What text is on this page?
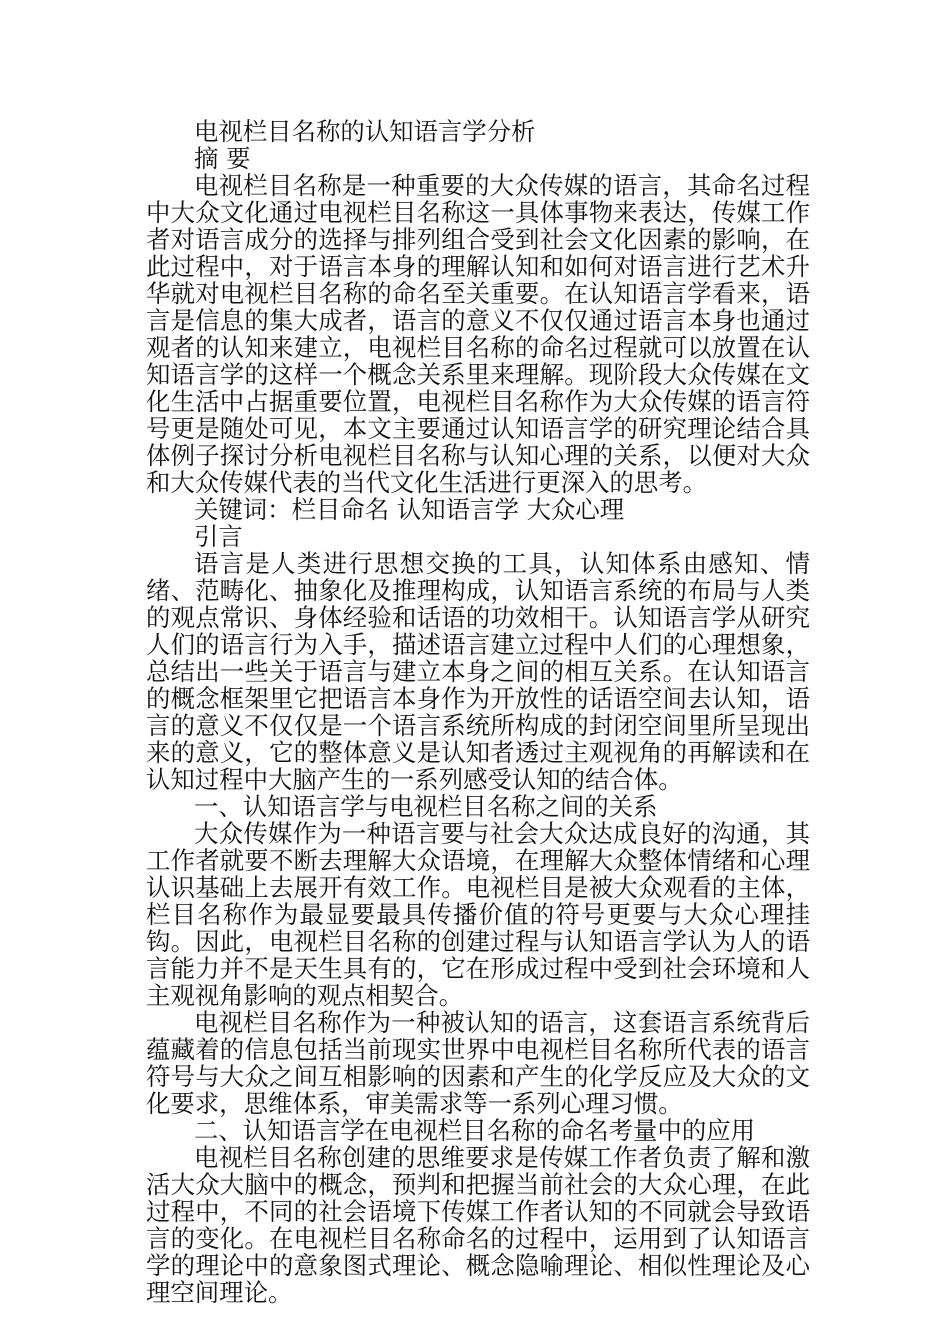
电视栏目名称的认知语言学分析

摘 要

电视栏目名称是一种重要的大众传媒的语言，其命名过程中大众文化通过电视栏目名称这一具体事物来表达，传媒工作者对语言成分的选择与排列组合受到社会文化因素的影响，在此过程中，对于语言本身的理解认知和如何对语言进行艺术升华就对电视栏目名称的命名至关重要。在认知语言学看来，语言是信息的集大成者，语言的意义不仅仅通过语言本身也通过观者的认知来建立，电视栏目名称的命名过程就可以放置在认知语言学的这样一个概念关系里来理解。现阶段大众传媒在文化生活中占据重要位置，电视栏目名称作为大众传媒的语言符号更是随处可见，本文主要通过认知语言学的研究理论结合具体例子探讨分析电视栏目名称与认知心理的关系，以便对大众和大众传媒代表的当代文化生活进行更深入的思考。

关键词：栏目命名 认知语言学 大众心理

引言

语言是人类进行思想交换的工具，认知体系由感知、情绪、范畴化、抽象化及推理构成，认知语言系统的布局与人类的观点常识、身体经验和话语的功效相干。认知语言学从研究人们的语言行为入手，描述语言建立过程中人们的心理想象，总结出一些关于语言与建立本身之间的相互关系。在认知语言的概念框架里它把语言本身作为开放性的话语空间去认知，语言的意义不仅仅是一个语言系统所构成的封闭空间里所呈现出来的意义，它的整体意义是认知者透过主观视角的再解读和在认知过程中大脑产生的一系列感受认知的结合体。

一、认知语言学与电视栏目名称之间的关系

大众传媒作为一种语言要与社会大众达成良好的沟通，其工作者就要不断去理解大众语境，在理解大众整体情绪和心理认识基础上去展开有效工作。电视栏目是被大众观看的主体，栏目名称作为最显要最具传播价值的符号更要与大众心理挂钩。因此，电视栏目名称的创建过程与认知语言学认为人的语言能力并不是天生具有的，它在形成过程中受到社会环境和人主观视角影响的观点相契合。

电视栏目名称作为一种被认知的语言，这套语言系统背后蕴藏着的信息包括当前现实世界中电视栏目名称所代表的语言符号与大众之间互相影响的因素和产生的化学反应及大众的文化要求，思维体系，审美需求等一系列心理习惯。

二、认知语言学在电视栏目名称的命名考量中的应用

电视栏目名称创建的思维要求是传媒工作者负责了解和激活大众大脑中的概念，预判和把握当前社会的大众心理，在此过程中，不同的社会语境下传媒工作者认知的不同就会导致语言的变化。在电视栏目名称命名的过程中，运用到了认知语言学的理论中的意象图式理论、概念隐喻理论、相似性理论及心理空间理论。
